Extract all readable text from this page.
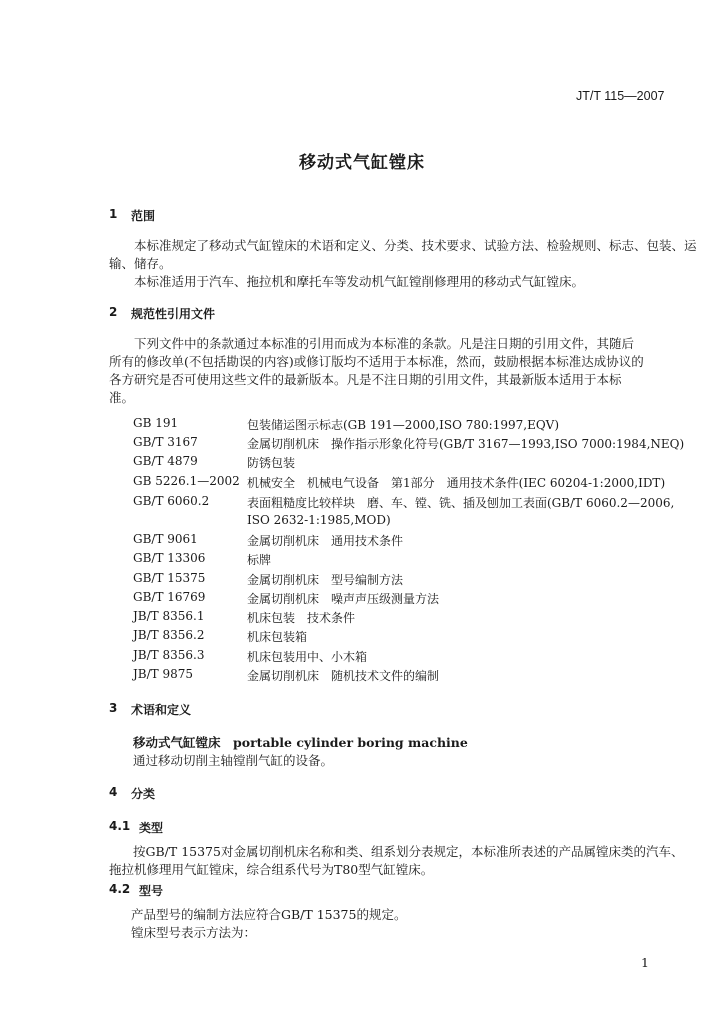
JT/T 115—2007
移动式气缸镗床
1 范围
本标准规定了移动式气缸镗床的术语和定义、分类、技术要求、试验方法、检验规则、标志、包装、运
输、储存。
本标准适用于汽车、拖拉机和摩托车等发动机气缸镗削修理用的移动式气缸镗床。
2 规范性引用文件
下列文件中的条款通过本标准的引用而成为本标准的条款。凡是注日期的引用文件，其随后
所有的修改单(不包括勘误的内容)或修订版均不适用于本标准，然而，鼓励根据本标准达成协议的
各方研究是否可使用这些文件的最新版本。凡是不注日期的引用文件，其最新版本适用于本标
准。
GB 191	包装储运图示标志(GB 191—2000,ISO 780:1997,EQV)
GB/T 3167	金属切削机床　操作指示形象化符号(GB/T 3167—1993,ISO 7000:1984,NEQ)
GB/T 4879	防锈包装
GB 5226.1—2002 机械安全　机械电气设备　第1部分　通用技术条件(IEC 60204-1:2000,IDT)
GB/T 6060.2	表面粗糙度比较样块　磨、车、镗、铣、插及刨加工表面(GB/T 6060.2—2006,
ISO 2632-1:1985,MOD)
GB/T 9061	金属切削机床　通用技术条件
GB/T 13306	标牌
GB/T 15375	金属切削机床　型号编制方法
GB/T 16769	金属切削机床　噪声声压级测量方法
JB/T 8356.1	机床包装　技术条件
JB/T 8356.2	机床包装箱
JB/T 8356.3	机床包装用中、小木箱
JB/T 9875	金属切削机床　随机技术文件的编制
3 术语和定义
移动式气缸镗床　portable cylinder boring machine
通过移动切削主轴镗削气缸的设备。
4 分类
4.1 类型
按GB/T 15375对金属切削机床名称和类、组系划分表规定，本标准所表述的产品属镗床类的汽车、
拖拉机修理用气缸镗床，综合组系代号为T80型气缸镗床。
4.2 型号
产品型号的编制方法应符合GB/T 15375的规定。
镗床型号表示方法为：
1
